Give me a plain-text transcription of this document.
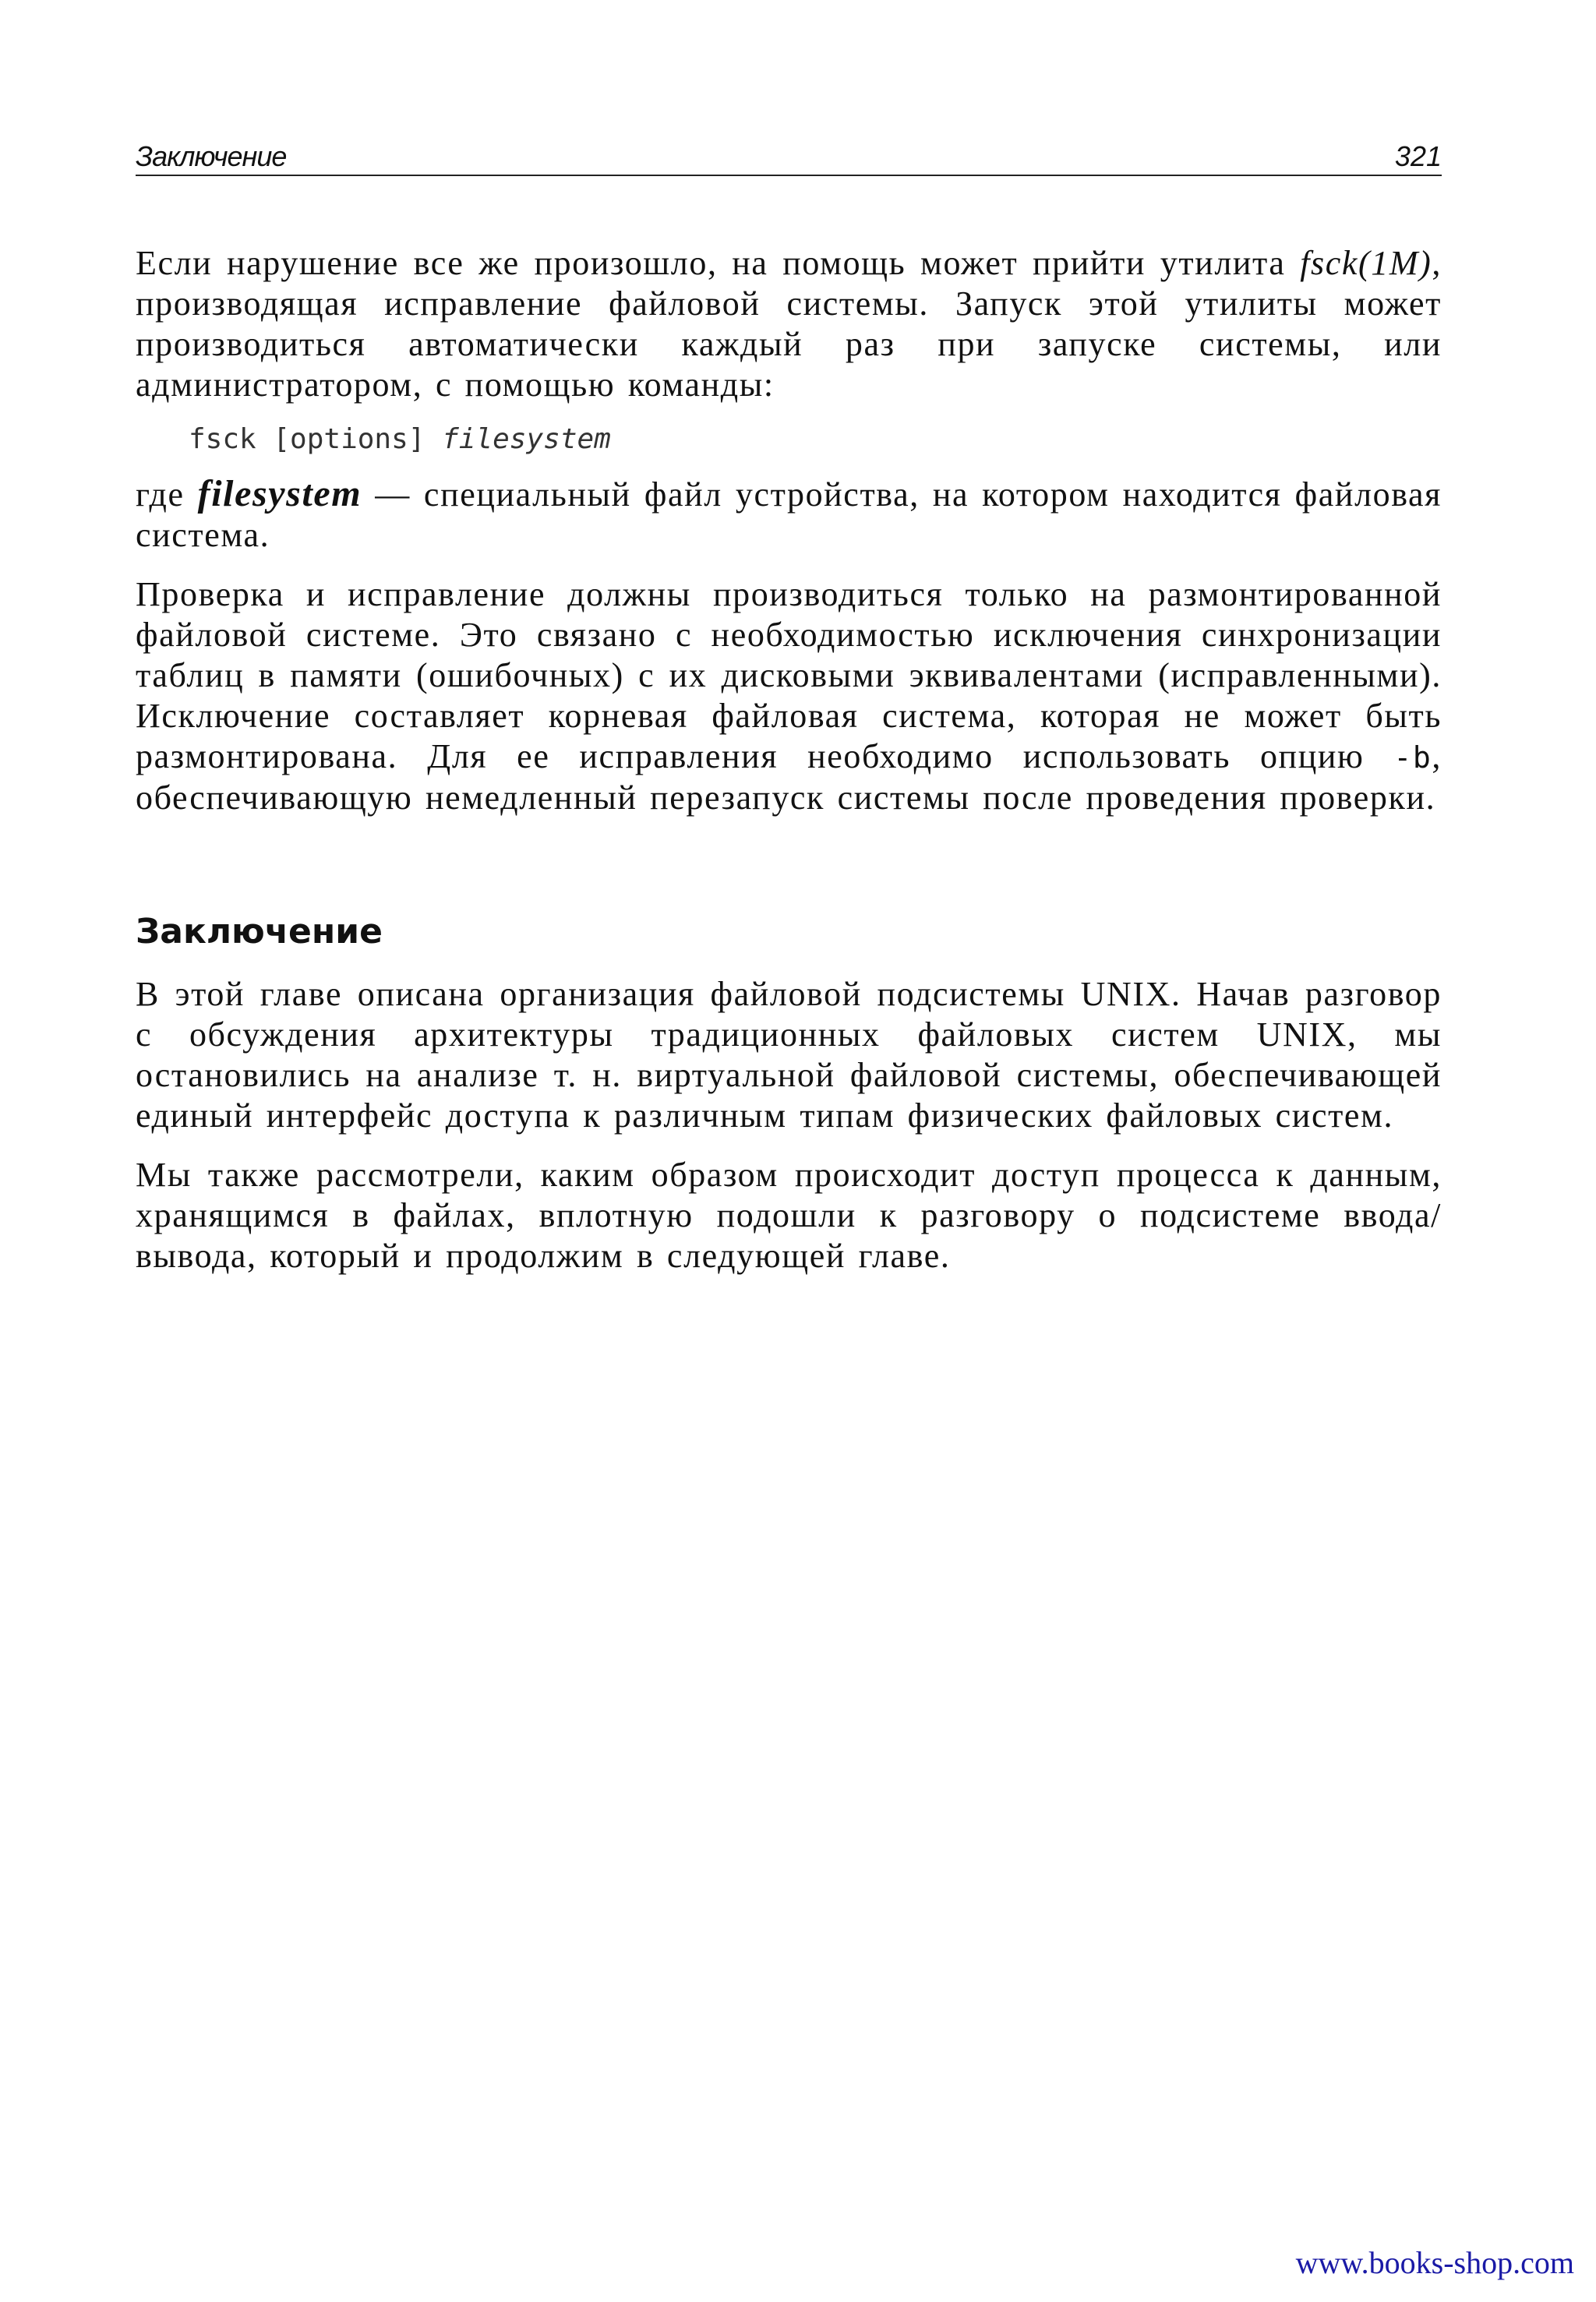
Заключение	321

Если нарушение все же произошло, на помощь может прийти утилита fsck(1M), производящая исправление файловой системы. Запуск этой утилиты может производиться автоматически каждый раз при запуске системы, или администратором, с помощью команды:

fsck [options] filesystem

где filesystem — специальный файл устройства, на котором находится файловая система.

Проверка и исправление должны производиться только на размонтированной файловой системе. Это связано с необходимостью исключения синхронизации таблиц в памяти (ошибочных) с их дисковыми эквивалентами (исправленными). Исключение составляет корневая файловая система, которая не может быть размонтирована. Для ее исправления необходимо использовать опцию -b, обеспечивающую немедленный перезапуск системы после проведения проверки.

Заключение

В этой главе описана организация файловой подсистемы UNIX. Начав разговор с обсуждения архитектуры традиционных файловых систем UNIX, мы остановились на анализе т. н. виртуальной файловой системы, обеспечивающей единый интерфейс доступа к различным типам физических файловых систем.

Мы также рассмотрели, каким образом происходит доступ процесса к данным, хранящимся в файлах, вплотную подошли к разговору о подсистеме ввода/вывода, который и продолжим в следующей главе.

www.books-shop.com
